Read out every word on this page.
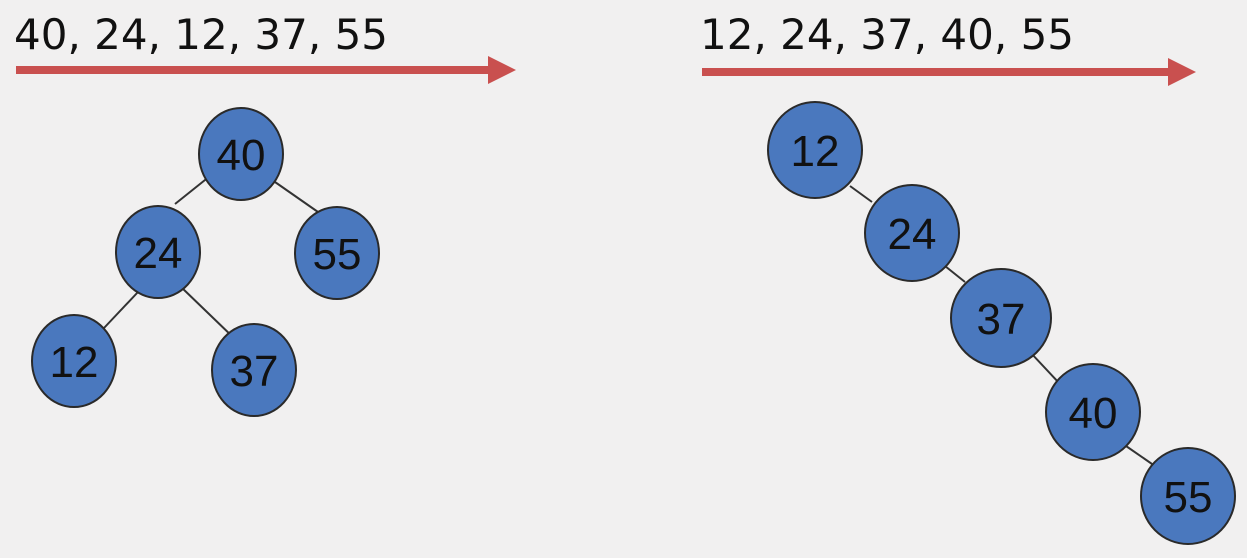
40, 24, 12, 37, 55	12, 24, 37, 40, 55
40
24	55
12	37
12
24
37
40
55
